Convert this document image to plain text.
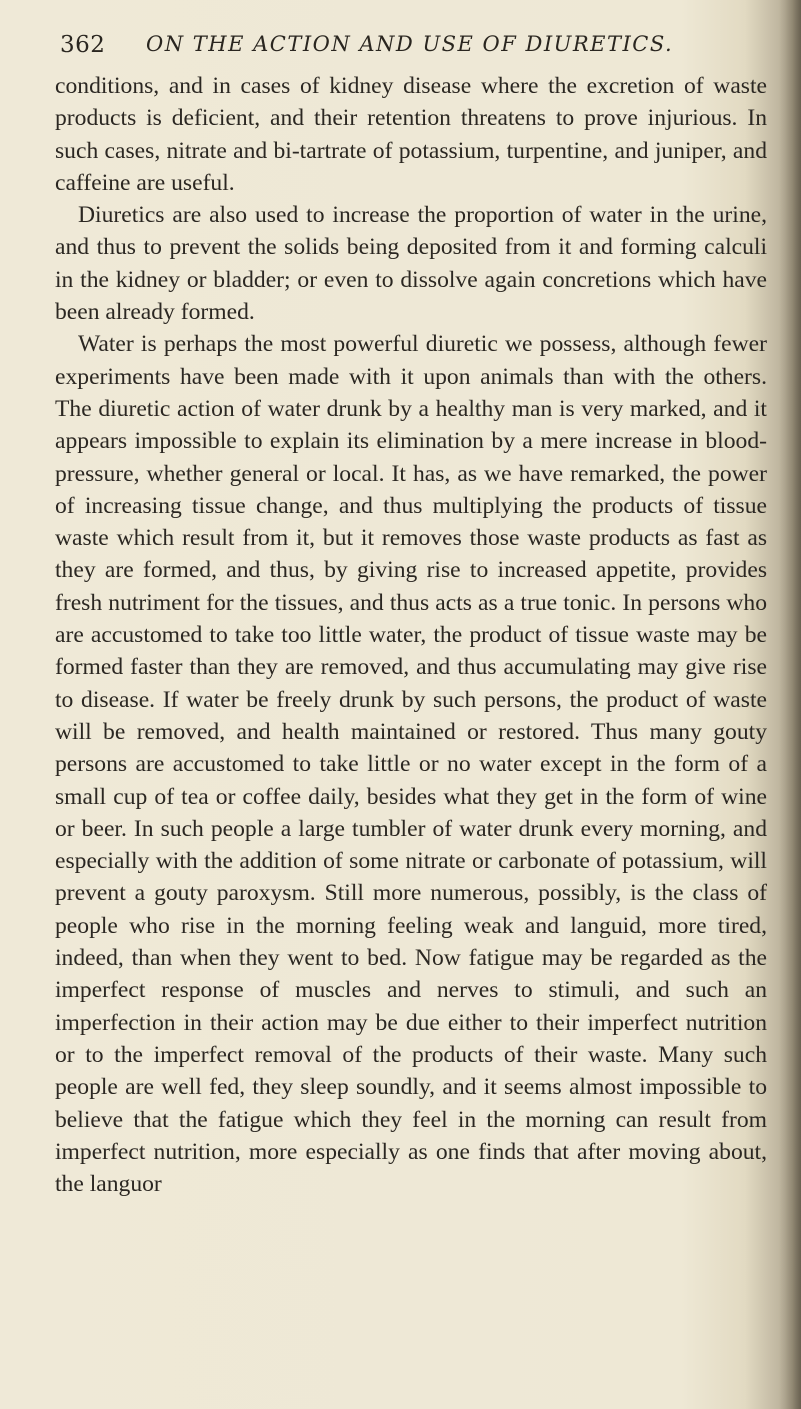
362 ON THE ACTION AND USE OF DIURETICS.

conditions, and in cases of kidney disease where the excretion of waste products is deficient, and their retention threatens to prove injurious. In such cases, nitrate and bi-tartrate of potassium, turpentine, and juniper, and caffeine are useful.

Diuretics are also used to increase the proportion of water in the urine, and thus to prevent the solids being deposited from it and forming calculi in the kidney or bladder; or even to dissolve again concretions which have been already formed.

Water is perhaps the most powerful diuretic we possess, although fewer experiments have been made with it upon animals than with the others. The diuretic action of water drunk by a healthy man is very marked, and it appears impossible to explain its elimination by a mere increase in blood-pressure, whether general or local. It has, as we have remarked, the power of increasing tissue change, and thus multiplying the products of tissue waste which result from it, but it removes those waste products as fast as they are formed, and thus, by giving rise to increased appetite, provides fresh nutriment for the tissues, and thus acts as a true tonic. In persons who are accustomed to take too little water, the product of tissue waste may be formed faster than they are removed, and thus accumulating may give rise to disease. If water be freely drunk by such persons, the product of waste will be removed, and health maintained or restored. Thus many gouty persons are accustomed to take little or no water except in the form of a small cup of tea or coffee daily, besides what they get in the form of wine or beer. In such people a large tumbler of water drunk every morning, and especially with the addition of some nitrate or carbonate of potassium, will prevent a gouty paroxysm. Still more numerous, possibly, is the class of people who rise in the morning feeling weak and languid, more tired, indeed, than when they went to bed. Now fatigue may be regarded as the imperfect response of muscles and nerves to stimuli, and such an imperfection in their action may be due either to their imperfect nutrition or to the imperfect removal of the products of their waste. Many such people are well fed, they sleep soundly, and it seems almost impossible to believe that the fatigue which they feel in the morning can result from imperfect nutrition, more especially as one finds that after moving about, the languor
